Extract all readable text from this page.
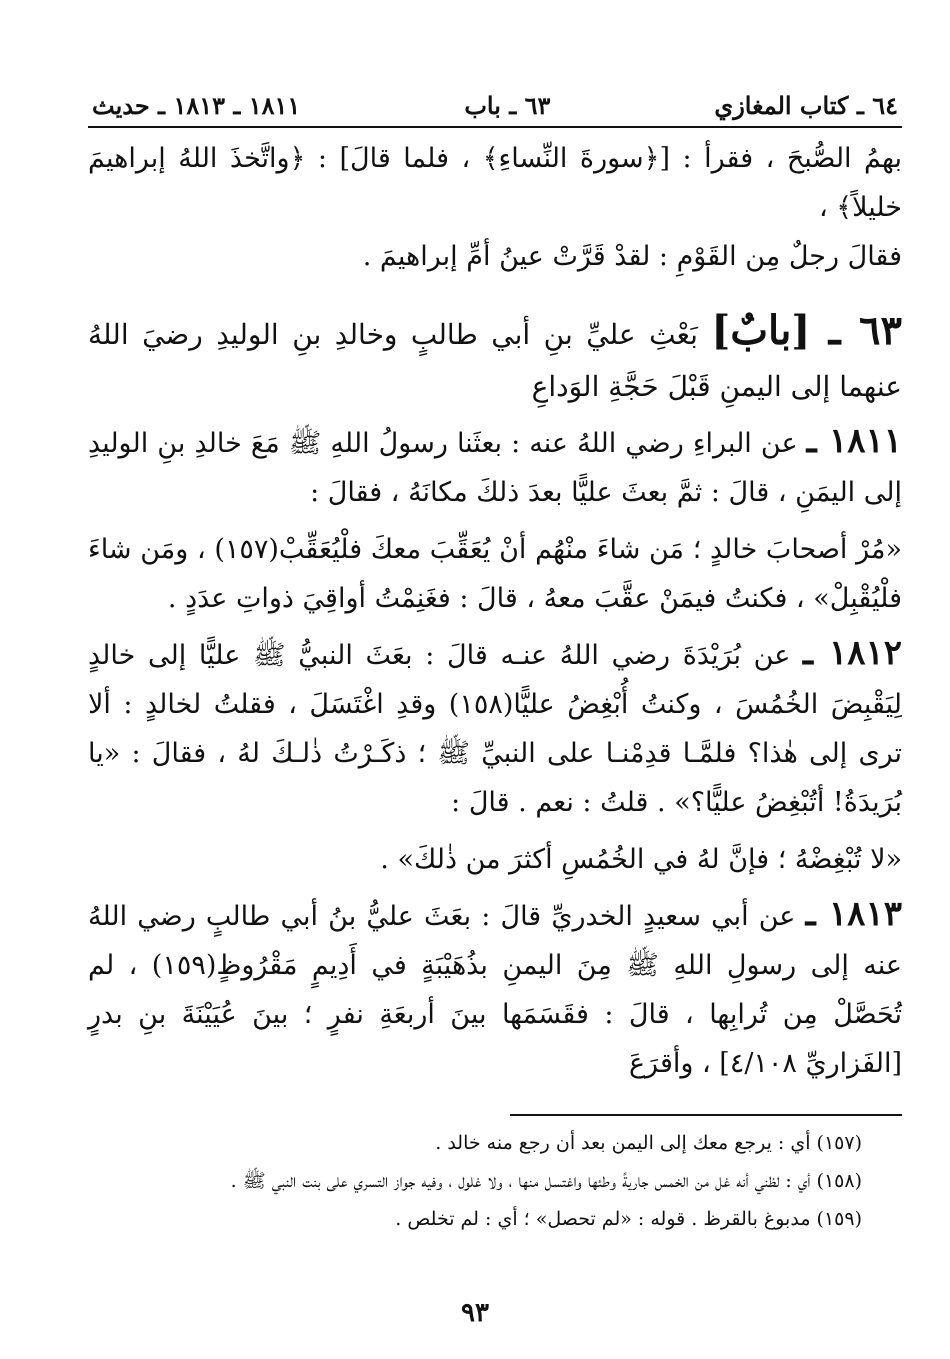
٦٤ ـ كتاب المغازي
٦٣ ـ باب
١٨١١ ـ ١٨١٣ ـ حديث

بهمُ الصُّبحَ ، فقرأ : [﴿سورةَ النِّساءِ﴾ ، فلما قالَ] : ﴿واتَّخذَ اللهُ إبراهيمَ خليلاً﴾ ،

فقالَ رجلٌ مِن القَوْمِ : لقدْ قَرَّتْ عينُ أمِّ إبراهيمَ .

٦٣ ـ [بابٌ] بَعْثِ عليِّ بنِ أبي طالبٍ وخالدِ بنِ الوليدِ رضيَ اللهُ عنهما إلى اليمنِ قَبْلَ حَجَّةِ الوَداعِ

١٨١١ ـ عن البراءِ رضي اللهُ عنه : بعثَنا رسولُ اللهِ ﷺ مَعَ خالدِ بنِ الوليدِ إلى اليمَنِ ، قالَ : ثمَّ بعثَ عليًّا بعدَ ذلكَ مكانَهُ ، فقالَ :

«مُرْ أصحابَ خالدٍ ؛ مَن شاءَ منْهُم أنْ يُعَقِّبَ معكَ فلْيُعَقِّبْ(١٥٧) ، ومَن شاءَ فلْيُقْبِلْ» ، فكنتُ فيمَنْ عقَّبَ معهُ ، قالَ : فغَنِمْتُ أواقِيَ ذواتِ عدَدٍ .

١٨١٢ ـ عن بُرَيْدَةَ رضي اللهُ عنـه قالَ : بعَثَ النبيُّ ﷺ عليًّا إلى خالدٍ لِيَقْبِضَ الخُمُسَ ، وكنتُ أُبْغِضُ عليًّا(١٥٨) وقدِ اغْتَسَلَ ، فقلتُ لخالدٍ : ألا ترى إلى هٰذا؟ فلمَّـا قدِمْنـا على النبيِّ ﷺ ؛ ذكَـرْتُ ذٰلـكَ لهُ ، فقالَ : «يا بُرَيدَةُ! أتُبْغِضُ عليًّا؟» . قلتُ : نعم . قالَ :

«لا تُبْغِضْهُ ؛ فإنَّ لهُ في الخُمُسِ أكثرَ من ذٰلكَ» .

١٨١٣ ـ عن أبي سعيدٍ الخدريِّ قالَ : بعَثَ عليُّ بنُ أبي طالبٍ رضي اللهُ عنه إلى رسولِ اللهِ ﷺ مِنَ اليمنِ بذُهَيْبَةٍ في أَدِيمٍ مَقْرُوظٍ(١٥٩) ، لم تُحَصَّلْ مِن تُرابِها ، قالَ : فقَسَمَها بينَ أربعَةِ نفرٍ ؛ بينَ عُيَيْنَةَ بنِ بدرٍ [الفَزاريِّ ٤/١٠٨] ، وأقرَعَ

(١٥٧) أي : يرجع معك إلى اليمن بعد أن رجع منه خالد .

(١٥٨) أي : لظني أنه غل من الخمس جاريةً وطئها واغتسل منها ، ولا غلول ، وفيه جواز التسري على بنت النبي ﷺ .

(١٥٩) مدبوغ بالقرظ . قوله : «لم تحصل» ؛ أي : لم تخلص .

٩٣
